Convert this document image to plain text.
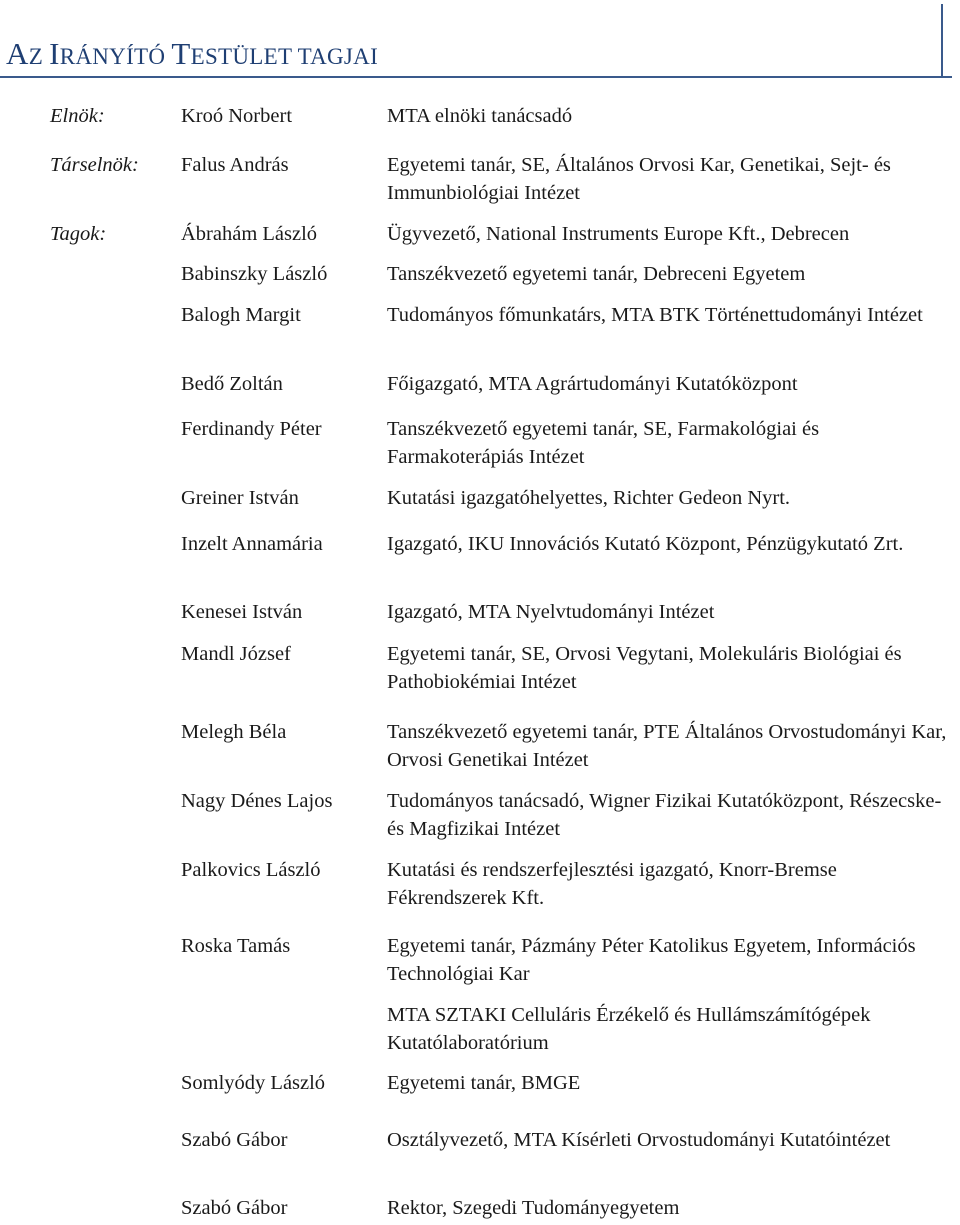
AZ IRÁNYÍTÓ TESTÜLET TAGJAI
Elnök:	Kroó Norbert	MTA elnöki tanácsadó
Társelnök: Falus András	Egyetemi tanár, SE, Általános Orvosi Kar, Genetikai, Sejt- és Immunbiológiai Intézet
Tagok:	Ábrahám László	Ügyvezető, National Instruments Europe Kft., Debrecen
Babinszky László	Tanszékvezető egyetemi tanár, Debreceni Egyetem
Balogh Margit	Tudományos főmunkatárs, MTA BTK Történettudományi Intézet
Bedő Zoltán	Főigazgató, MTA Agrártudományi Kutatóközpont
Ferdinandy Péter	Tanszékvezető egyetemi tanár, SE, Farmakológiai és Farmakoterápiás Intézet
Greiner István	Kutatási igazgatóhelyettes, Richter Gedeon Nyrt.
Inzelt Annamária	Igazgató, IKU Innovációs Kutató Központ, Pénzügykutató Zrt.
Kenesei István	Igazgató, MTA Nyelvtudományi Intézet
Mandl József	Egyetemi tanár, SE, Orvosi Vegytani, Molekuláris Biológiai és Pathobiokémiai Intézet
Melegh Béla	Tanszékvezető egyetemi tanár, PTE Általános Orvostudományi Kar, Orvosi Genetikai Intézet
Nagy Dénes Lajos	Tudományos tanácsadó, Wigner Fizikai Kutatóközpont, Részecske- és Magfizikai Intézet
Palkovics László	Kutatási és rendszerfejlesztési igazgató, Knorr-Bremse Fékrendszerek Kft.
Roska Tamás	Egyetemi tanár, Pázmány Péter Katolikus Egyetem, Információs Technológiai Kar
MTA SZTAKI Celluláris Érzékelő és Hullámszámítógépek Kutatólaboratórium
Somlyódy László	Egyetemi tanár, BMGE
Szabó Gábor	Osztályvezető, MTA Kísérleti Orvostudományi Kutatóintézet
Szabó Gábor	Rektor, Szegedi Tudományegyetem
